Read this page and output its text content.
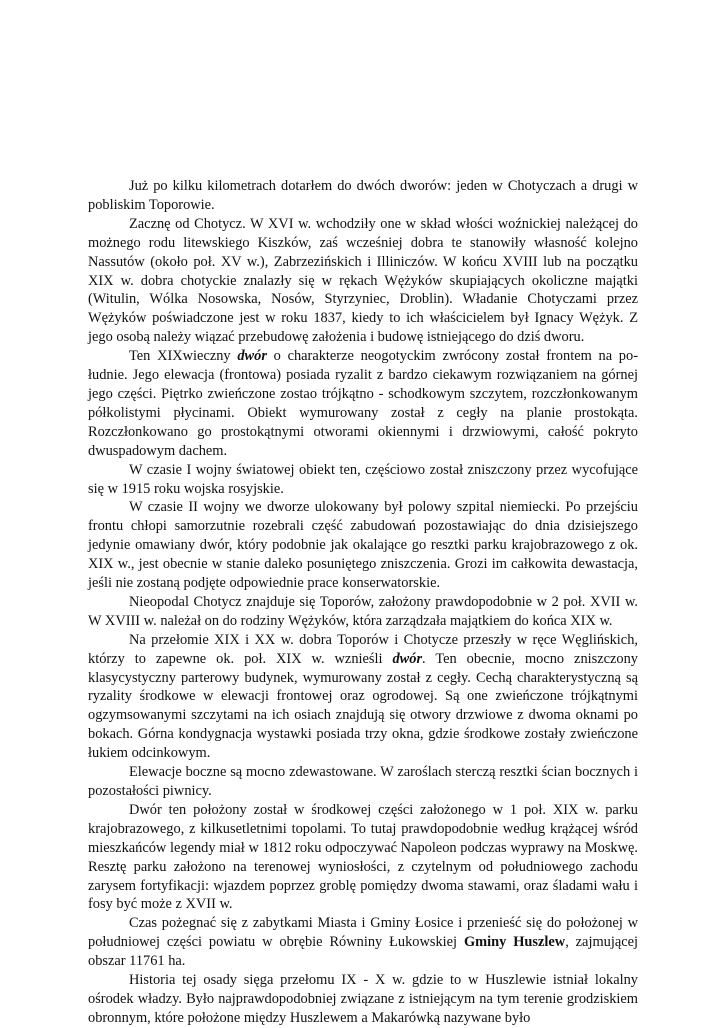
Już po kilku kilometrach dotarłem do dwóch dworów: jeden w Chotyczach a drugi w pobliskim Toporowie.

Zacznę od Chotycz. W XVI w. wchodziły one w skład włości woźnickiej należącej do możnego rodu litewskiego Kiszków, zaś wcześniej dobra te stanowiły własność kolejno Nassutów (około poł. XV w.), Zabrzezińskich i Illiniczów. W końcu XVIII lub na początku XIX w. dobra chotyckie znalazły się w rękach Wężyków skupiających okoliczne majątki (Witulin, Wólka Nosowska, Nosów, Styrzyniec, Droblin). Władanie Chotyczami przez Wężyków poświadczone jest w roku 1837, kiedy to ich właścicielem był Ignacy Wężyk. Z jego osobą należy wiązać przebudowę założenia i budowę istniejącego do dziś dworu.

Ten XIXwieczny dwór o charakterze neogotyckim zwrócony został frontem na po-łudnie. Jego elewacja (frontowa) posiada ryzalit z bardzo ciekawym rozwiązaniem na górnej jego części. Piętrko zwieńczone zostao trójkątno - schodkowym szczytem, rozczłonkowanym półkolistymi płycinami. Obiekt wymurowany został z cegły na planie prostokąta. Rozczłonkowano go prostokątnymi otworami okiennymi i drzwiowymi, całość pokryto dwuspadowym dachem.

W czasie I wojny światowej obiekt ten, częściowo został zniszczony przez wycofujące się w 1915 roku wojska rosyjskie.

W czasie II wojny we dworze ulokowany był polowy szpital niemiecki. Po przejściu frontu chłopi samorzutnie rozebrali część zabudowań pozostawiając do dnia dzisiejszego jedynie omawiany dwór, który podobnie jak okalające go resztki parku krajobrazowego z ok. XIX w., jest obecnie w stanie daleko posuniętego zniszczenia. Grozi im całkowita dewastacja, jeśli nie zostaną podjęte odpowiednie prace konserwatorskie.

Nieopodal Chotycz znajduje się Toporów, założony prawdopodobnie w 2 poł. XVII w. W XVIII w. należał on do rodziny Wężyków, która zarządzała majątkiem do końca XIX w.

Na przełomie XIX i XX w. dobra Toporów i Chotycze przeszły w ręce Węglińskich, którzy to zapewne ok. poł. XIX w. wznieśli dwór. Ten obecnie, mocno zniszczony klasycystyczny parterowy budynek, wymurowany został z cegły. Cechą charakterystyczną są ryzality środkowe w elewacji frontowej oraz ogrodowej. Są one zwieńczone trójkątnymi ogzymsowanymi szczytami na ich osiach znajdują się otwory drzwiowe z dwoma oknami po bokach. Górna kondygnacja wystawki posiada trzy okna, gdzie środkowe zostały zwieńczone łukiem odcinkowym.

Elewacje boczne są mocno zdewastowane. W zaroślach sterczą resztki ścian bocznych i pozostałości piwnicy.

Dwór ten położony został w środkowej części założonego w 1 poł. XIX w. parku krajobrazowego, z kilkusetletnimi topolami. To tutaj prawdopodobnie według krążącej wśród mieszkańców legendy miał w 1812 roku odpoczywać Napoleon podczas wyprawy na Moskwę. Resztę parku założono na terenowej wyniosłości, z czytelnym od południowego zachodu zarysem fortyfikacji: wjazdem poprzez groblę pomiędzy dwoma stawami, oraz śladami wału i fosy być może z XVII w.

Czas pożegnać się z zabytkami Miasta i Gminy Łosice i przenieść się do położonej w południowej części powiatu w obrębie Równiny Łukowskiej Gminy Huszlew, zajmującej obszar 11761 ha.

Historia tej osady sięga przełomu IX - X w. gdzie to w Huszlewie istniał lokalny ośrodek władzy. Było najprawdopodobniej związane z istniejącym na tym terenie grodziskiem obronnym, które położone między Huszlewem a Makarówką nazywane było
